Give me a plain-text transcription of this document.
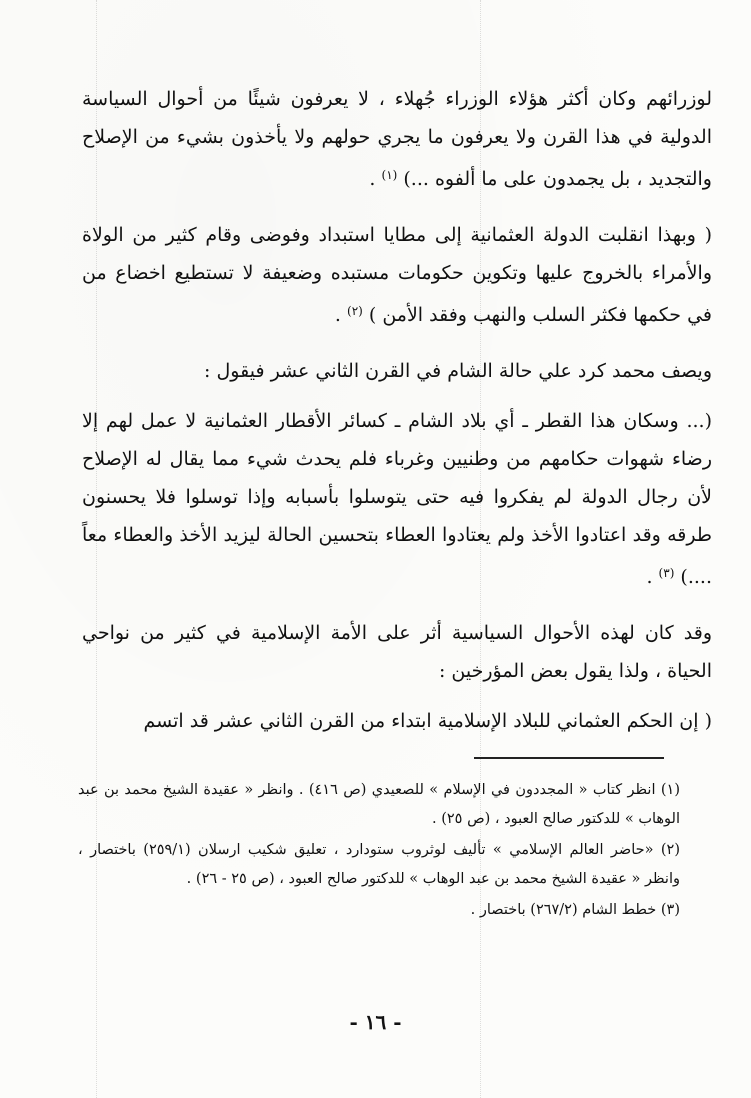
لوزرائهم وكان أكثر هؤلاء الوزراء جُهلاء ، لا يعرفون شيئًا من أحوال السياسة الدولية في هذا القرن ولا يعرفون ما يجري حولهم ولا يأخذون بشيء من الإصلاح والتجديد ، بل يجمدون على ما ألفوه ...) $^{(١)}$ .

( وبهذا انقلبت الدولة العثمانية إلى مطايا استبداد وفوضى وقام كثير من الولاة والأمراء بالخروج عليها وتكوين حكومات مستبده وضعيفة لا تستطيع اخضاع من في حكمها فكثر السلب والنهب وفقد الأمن ) $^{(٢)}$ .

ويصف محمد كرد علي حالة الشام في القرن الثاني عشر فيقول :

(... وسكان هذا القطر ـ أي بلاد الشام ـ كسائر الأقطار العثمانية لا عمل لهم إلا رضاء شهوات حكامهم من وطنيين وغرباء فلم يحدث شيء مما يقال له الإصلاح لأن رجال الدولة لم يفكروا فيه حتى يتوسلوا بأسبابه وإذا توسلوا فلا يحسنون طرقه وقد اعتادوا الأخذ ولم يعتادوا العطاء بتحسين الحالة ليزيد الأخذ والعطاء معاً ....) $^{(٣)}$ .

وقد كان لهذه الأحوال السياسية أثر على الأمة الإسلامية في كثير من نواحي الحياة ، ولذا يقول بعض المؤرخين :

( إن الحكم العثماني للبلاد الإسلامية ابتداء من القرن الثاني عشر قد اتسم

(١) انظر كتاب « المجددون في الإسلام » للصعيدي (ص ٤١٦) . وانظر « عقيدة الشيخ محمد بن عبد الوهاب » للدكتور صالح العبود ، (ص ٢٥) .
(٢) «حاضر العالم الإسلامي » تأليف لوثروب ستودارد ، تعليق شكيب ارسلان (٢٥٩/١) باختصار ، وانظر « عقيدة الشيخ محمد بن عبد الوهاب » للدكتور صالح العبود ، (ص ٢٥ - ٢٦) .
(٣) خطط الشام (٢٦٧/٢) باختصار .
- ١٦ -
